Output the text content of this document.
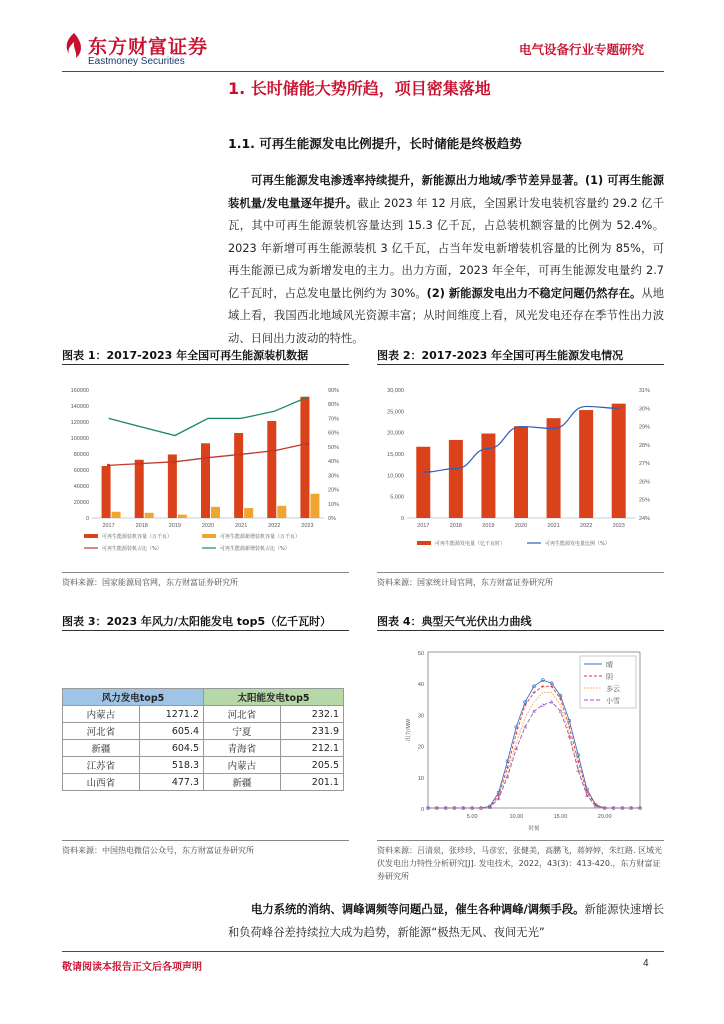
东方财富证券
Eastmoney Securities
电气设备行业专题研究
1. 长时储能大势所趋，项目密集落地
1.1. 可再生能源发电比例提升，长时储能是终极趋势
可再生能源发电渗透率持续提升，新能源出力地域/季节差异显著。(1) 可再生能源装机量/发电量逐年提升。截止 2023 年 12 月底，全国累计发电装机容量约 29.2 亿千瓦，其中可再生能源装机容量达到 15.3 亿千瓦，占总装机额容量的比例为 52.4%。2023 年新增可再生能源装机 3 亿千瓦，占当年发电新增装机容量的比例为 85%，可再生能源已成为新增发电的主力。出力方面，2023 年全年，可再生能源发电量约 2.7 亿千瓦时，占总发电量比例约为 30%。(2) 新能源发电出力不稳定问题仍然存在。从地域上看，我国西北地域风光资源丰富；从时间维度上看，风光发电还存在季节性出力波动、日间出力波动的特性。
图表 1：2017-2023 年全国可再生能源装机数据
0
20000
40000
60000
80000
100000
120000
140000
160000
0%
10%
20%
30%
40%
50%
60%
70%
80%
90%
2017	2018	2019	2020	2021	2022	2023
可再生能源装机容量（万千瓦）	可再生能源新增装机容量（万千瓦）
可再生能源装机占比（%）	可再生能源新增装机占比（%）
资料来源：国家能源局官网，东方财富证券研究所
图表 2：2017-2023 年全国可再生能源发电情况
0
5,000
10,000
15,000
20,000
25,000
30,000
24%
25%
26%
27%
28%
29%
30%
31%
2017	2018	2019	2020	2021	2022	2023
可再生能源发电量（亿千瓦时）	可再生能源发电量比例（%）
资料来源：国家统计局官网，东方财富证券研究所
图表 3：2023 年风力/太阳能发电 top5（亿千瓦时）
风力发电top5		太阳能发电top5	
内蒙古	1271.2	河北省	232.1
河北省	605.4	宁夏	231.9
新疆	604.5	青海省	212.1
江苏省	518.3	内蒙古	205.5
山西省	477.3	新疆	201.1
资料来源：中国热电微信公众号，东方财富证券研究所
图表 4：典型天气光伏出力曲线
0
10
20
30
40
50
5.00	10.00	15.00	20.00
出力/MW
时刻
晴
阴
多云
小雪
资料来源：吕清泉，张珍珍，马彦宏，张健美，高鹏飞，蒋婷婷，朱红路. 区域光伏发电出力特性分析研究[J]. 发电技术，2022，43(3)：413-420.，东方财富证券研究所
电力系统的消纳、调峰调频等问题凸显，催生各种调峰/调频手段。新能源快速增长和负荷峰谷差持续拉大成为趋势，新能源“极热无风、夜间无光”
敬请阅读本报告正文后各项声明	4
